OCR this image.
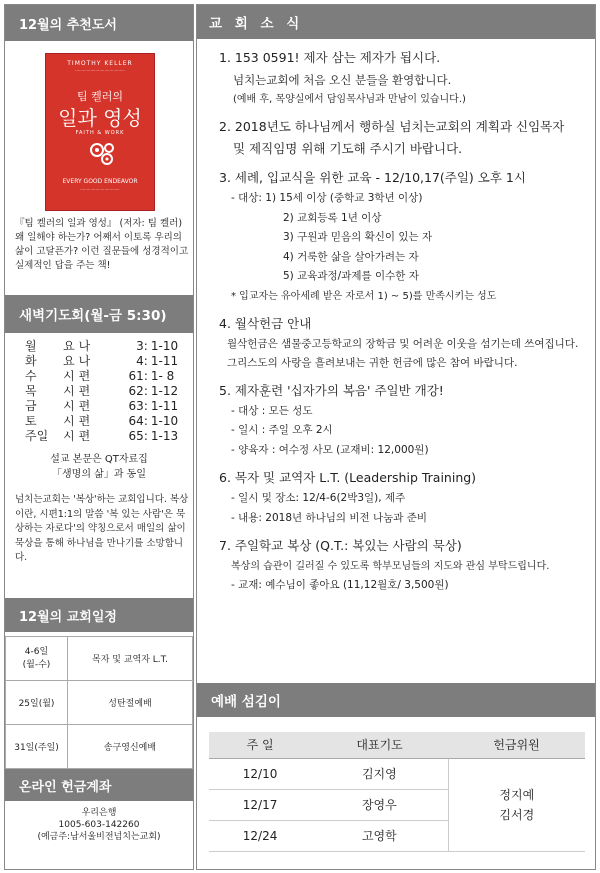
12월의 추천도서
TIMOTHY KELLER
·······································
팀 켈러의
일과 영성
FAITH & WORK
EVERY GOOD ENDEAVOR
·······························
『팀 켈러의 일과 영성』 (저자: 팀 켈러) 왜 일해야 하는가? 어째서 이토록 우리의 삶이 고달픈가? 이런 질문들에 성경적이고 실제적인 답을 주는 책!
새벽기도회(월-금 5:30)
월	요 나	3: 1-10
화	요 나	4: 1-11
수	시 편	61: 1- 8
목	시 편	62: 1-12
금	시 편	63: 1-11
토	시 편	64: 1-10
주일	시 편	65: 1-13
설교 본문은 QT자료집
「생명의 삶」과 동일
넘치는교회는 '복상'하는 교회입니다. 복상이란, 시편1:1의 말씀 '복 있는 사람'은 묵상하는 자로다'의 약칭으로서 매일의 삶이 묵상을 통해 하나님을 만나기를 소망합니다.
12월의 교회일정
4-6일
(월-수)	목자 및 교역자 L.T.
25일(월)	성탄절예배
31일(주일)	송구영신예배
온라인 헌금계좌
우리은행
1005-603-142260
(예금주:남서울비전넘치는교회)
교 회 소 식
1. 153 0591! 제자 삼는 제자가 됩시다.
넘치는교회에 처음 오신 분들을 환영합니다.
(예배 후, 목양실에서 담임목사님과 만남이 있습니다.)
2. 2018년도 하나님께서 행하실 넘치는교회의 계획과 신임목자
및 제직임명 위해 기도해 주시기 바랍니다.
3. 세례, 입교식을 위한 교육 - 12/10,17(주일) 오후 1시
- 대상: 1) 15세 이상 (중학교 3학년 이상)
2) 교회등록 1년 이상
3) 구원과 믿음의 확신이 있는 자
4) 거룩한 삶을 살아가려는 자
5) 교육과정/과제를 이수한 자
* 입교자는 유아세례 받은 자로서 1) ~ 5)를 만족시키는 성도
4. 월삭헌금 안내
월삭헌금은 샘물중고등학교의 장학금 및 어려운 이웃을 섬기는데 쓰여집니다. 그리스도의 사랑을 흘려보내는 귀한 헌금에 많은 참여 바랍니다.
5. 제자훈련 '십자가의 복음' 주일반 개강!
- 대상 : 모든 성도
- 일시 : 주일 오후 2시
- 양육자 : 여수정 사모 (교재비: 12,000원)
6. 목자 및 교역자 L.T. (Leadership Training)
- 일시 및 장소: 12/4-6(2박3일), 제주
- 내용: 2018년 하나님의 비전 나눔과 준비
7. 주일학교 복상 (Q.T.: 복있는 사람의 묵상)
복상의 습관이 길러질 수 있도록 학부모님들의 지도와 관심 부탁드립니다.
- 교재: 예수님이 좋아요 (11,12월호/ 3,500원)
예배 섬김이
주 일	대표기도	헌금위원
12/10	김지영	정지예
김서경

12/17	장영우	
12/24	고영학	
